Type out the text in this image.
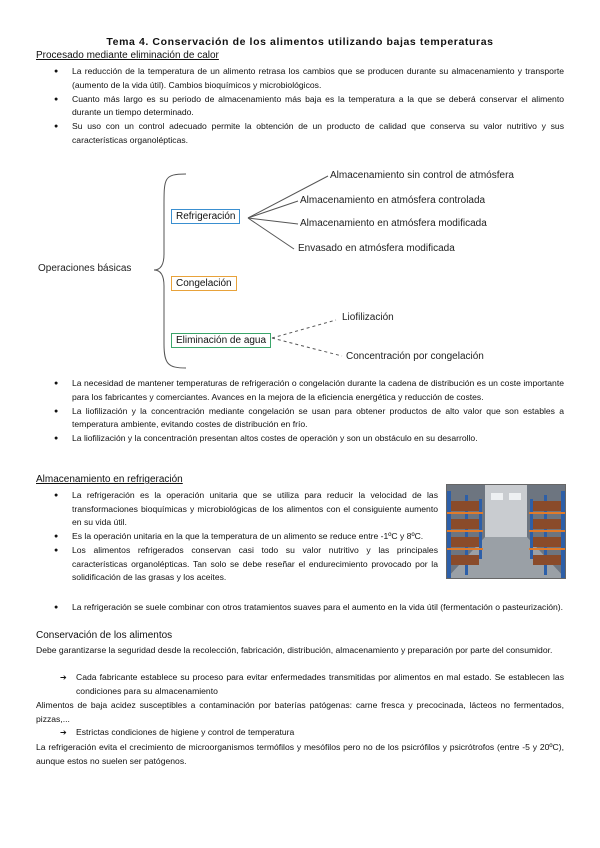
Tema 4. Conservación de los alimentos utilizando bajas temperaturas
Procesado mediante eliminación de calor
● La reducción de la temperatura de un alimento retrasa los cambios que se producen durante su almacenamiento y transporte (aumento de la vida útil). Cambios bioquímicos y microbiológicos.
● Cuanto más largo es su periodo de almacenamiento más baja es la temperatura a la que se deberá conservar el alimento durante un tiempo determinado.
● Su uso con un control adecuado permite la obtención de un producto de calidad que conserva su valor nutritivo y sus características organolépticas.
Operaciones básicas
Refrigeración
Congelación
Eliminación de agua
Almacenamiento sin control de atmósfera
Almacenamiento en atmósfera controlada
Almacenamiento en atmósfera modificada
Envasado en atmósfera modificada
Liofilización
Concentración por congelación
● La necesidad de mantener temperaturas de refrigeración o congelación durante la cadena de distribución es un coste importante para los fabricantes y comerciantes. Avances en la mejora de la eficiencia energética y reducción de costes.
● La liofilización y la concentración mediante congelación se usan para obtener productos de alto valor que son estables a temperatura ambiente, evitando costes de distribución en frío.
● La liofilización y la concentración presentan altos costes de operación y son un obstáculo en su desarrollo.
Almacenamiento en refrigeración
● La refrigeración es la operación unitaria que se utiliza para reducir la velocidad de las transformaciones bioquímicas y microbiológicas de los alimentos con el consiguiente aumento en su vida útil.
● Es la operación unitaria en la que la temperatura de un alimento se reduce entre -1ºC y 8ºC.
● Los alimentos refrigerados conservan casi todo su valor nutritivo y las principales características organolépticas. Tan solo se debe reseñar el endurecimiento provocado por la solidificación de las grasas y los aceites.
● La refrigeración se suele combinar con otros tratamientos suaves para el aumento en la vida útil (fermentación o pasteurización).
Conservación de los alimentos
Debe garantizarse la seguridad desde la recolección, fabricación, distribución, almacenamiento y preparación por parte del consumidor.
➔ Cada fabricante establece su proceso para evitar enfermedades transmitidas por alimentos en mal estado. Se establecen las condiciones para su almacenamiento
Alimentos de baja acidez susceptibles a contaminación por baterías patógenas: carne fresca y precocinada, lácteos no fermentados, pizzas,...
➔ Estrictas condiciones de higiene y control de temperatura
La refrigeración evita el crecimiento de microorganismos termófilos y mesófilos pero no de los psicrófilos y psicrótrofos (entre -5 y 20ºC), aunque estos no suelen ser patógenos.
